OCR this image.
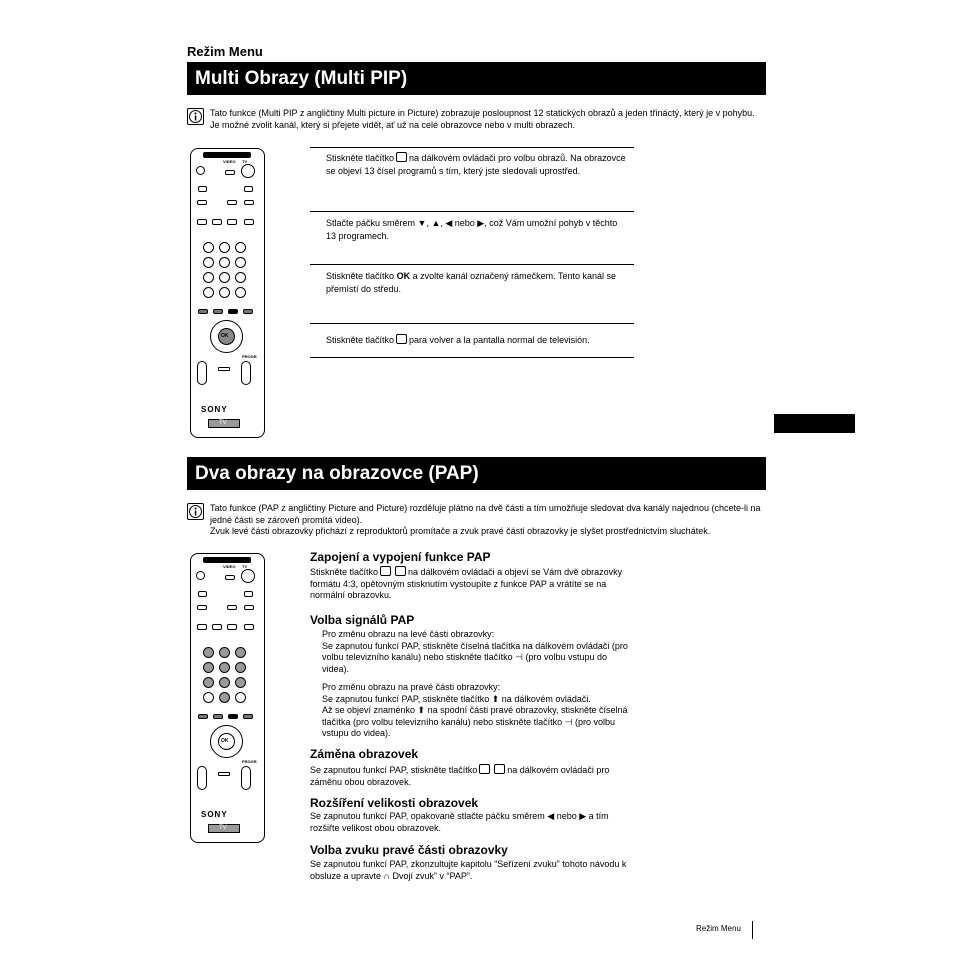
Režim Menu
Multi Obrazy (Multi PIP)
Tato funkce (Multi PIP z angličtiny Multi picture in Picture) zobrazuje posloupnost 12 statických obrazů a jeden třináctý, který je v pohybu. Je možné zvolit kanál, který si přejete vidět, ať už na celé obrazovce nebo v multi obrazech.
VIDEO TV
OK
PROGR
SONY
TV
Stiskněte tlačítko na dálkovém ovládači pro volbu obrazů. Na obrazovce se objeví 13 čísel programů s tím, který jste sledovali uprostřed.
Stlačte páčku směrem ▼, ▲, ◀ nebo ▶, což Vám umožní pohyb v těchto 13 programech.
Stiskněte tlačítko OK a zvolte kanál označený rámečkem. Tento kanál se přemístí do středu.
Stiskněte tlačítko para volver a la pantalla normal de televisión.
Dva obrazy na obrazovce (PAP)
Tato funkce (PAP z angličtiny Picture and Picture) rozděluje plátno na dvě části a tím umožňuje sledovat dva kanály najednou (chcete-li na jedné části se zároveň promítá video).
Zvuk levé části obrazovky přichází z reproduktorů promítače a zvuk pravé části obrazovky je slyšet prostřednictvím sluchátek.
VIDEO TV
OK
PROGR
SONY
TV
Zapojení a vypojení funkce PAP
Stiskněte tlačítko	na dálkovém ovládači a objeví se Vám dvě obrazovky formátu 4:3, opětovným stisknutím vystoupíte z funkce PAP a vrátíte se na normální obrazovku.
Volba signálů PAP
Pro změnu obrazu na levé části obrazovky:
Se zapnutou funkcí PAP, stiskněte číselná tlačítka na dálkovém ovládači (pro volbu televizního kanálu) nebo stiskněte tlačítko ⊣ (pro volbu vstupu do videa).
Pro změnu obrazu na pravé části obrazovky:
Se zapnutou funkcí PAP, stiskněte tlačítko ⬆ na dálkovém ovládači.
Až se objeví znaménko ⬆ na spodní části pravé obrazovky, stiskněte číselná tlačítka (pro volbu televizního kanálu) nebo stiskněte tlačítko ⊣ (pro volbu vstupu do videa).
Záměna obrazovek
Se zapnutou funkcí PAP, stiskněte tlačítko	na dálkovém ovládači pro záměnu obou obrazovek.
Rozšíření velikosti obrazovek
Se zapnutou funkcí PAP, opakovaně stlačte páčku směrem ◀ nebo ▶ a tím rozšiřte velikost obou obrazovek.
Volba zvuku pravé části obrazovky
Se zapnutou funkcí PAP, zkonzultujte kapitolu “Seřízení zvuku” tohoto návodu k obsluze a upravte ∩ Dvojí zvuk” v “PAP”.
Režim Menu
